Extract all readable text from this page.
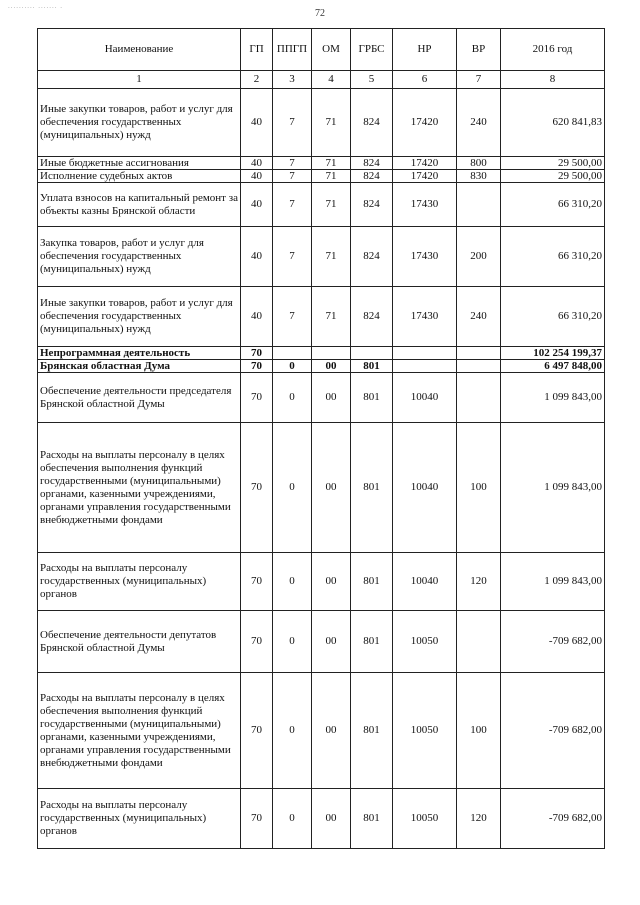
.......... ....... .
72
Наименование	ГП	ППГП	ОМ	ГРБС	НР	ВР	2016 год
1	2	3	4	5	6	7	8
Иные закупки товаров, работ и услуг для обеспечения государственных (муниципальных) нужд	40	7	71	824	17420	240	620 841,83
Иные бюджетные ассигнования	40	7	71	824	17420	800	29 500,00
Исполнение судебных актов	40	7	71	824	17420	830	29 500,00
Уплата взносов на капитальный ремонт за объекты казны Брянской области	40	7	71	824	17430		66 310,20
Закупка товаров, работ и услуг для обеспечения государственных (муниципальных) нужд	40	7	71	824	17430	200	66 310,20
Иные закупки товаров, работ и услуг для обеспечения государственных (муниципальных) нужд	40	7	71	824	17430	240	66 310,20
Непрограммная деятельность	70						102 254 199,37
Брянская областная Дума	70	0	00	801			6 497 848,00
Обеспечение деятельности председателя Брянской областной Думы	70	0	00	801	10040		1 099 843,00
Расходы на выплаты персоналу в целях обеспечения выполнения функций государственными (муниципальными) органами, казенными учреждениями, органами управления государственными внебюджетными фондами	70	0	00	801	10040	100	1 099 843,00
Расходы на выплаты персоналу государственных (муниципальных) органов	70	0	00	801	10040	120	1 099 843,00
Обеспечение деятельности депутатов Брянской областной Думы	70	0	00	801	10050		-709 682,00
Расходы на выплаты персоналу в целях обеспечения выполнения функций государственными (муниципальными) органами, казенными учреждениями, органами управления государственными внебюджетными фондами	70	0	00	801	10050	100	-709 682,00
Расходы на выплаты персоналу государственных (муниципальных) органов	70	0	00	801	10050	120	-709 682,00
